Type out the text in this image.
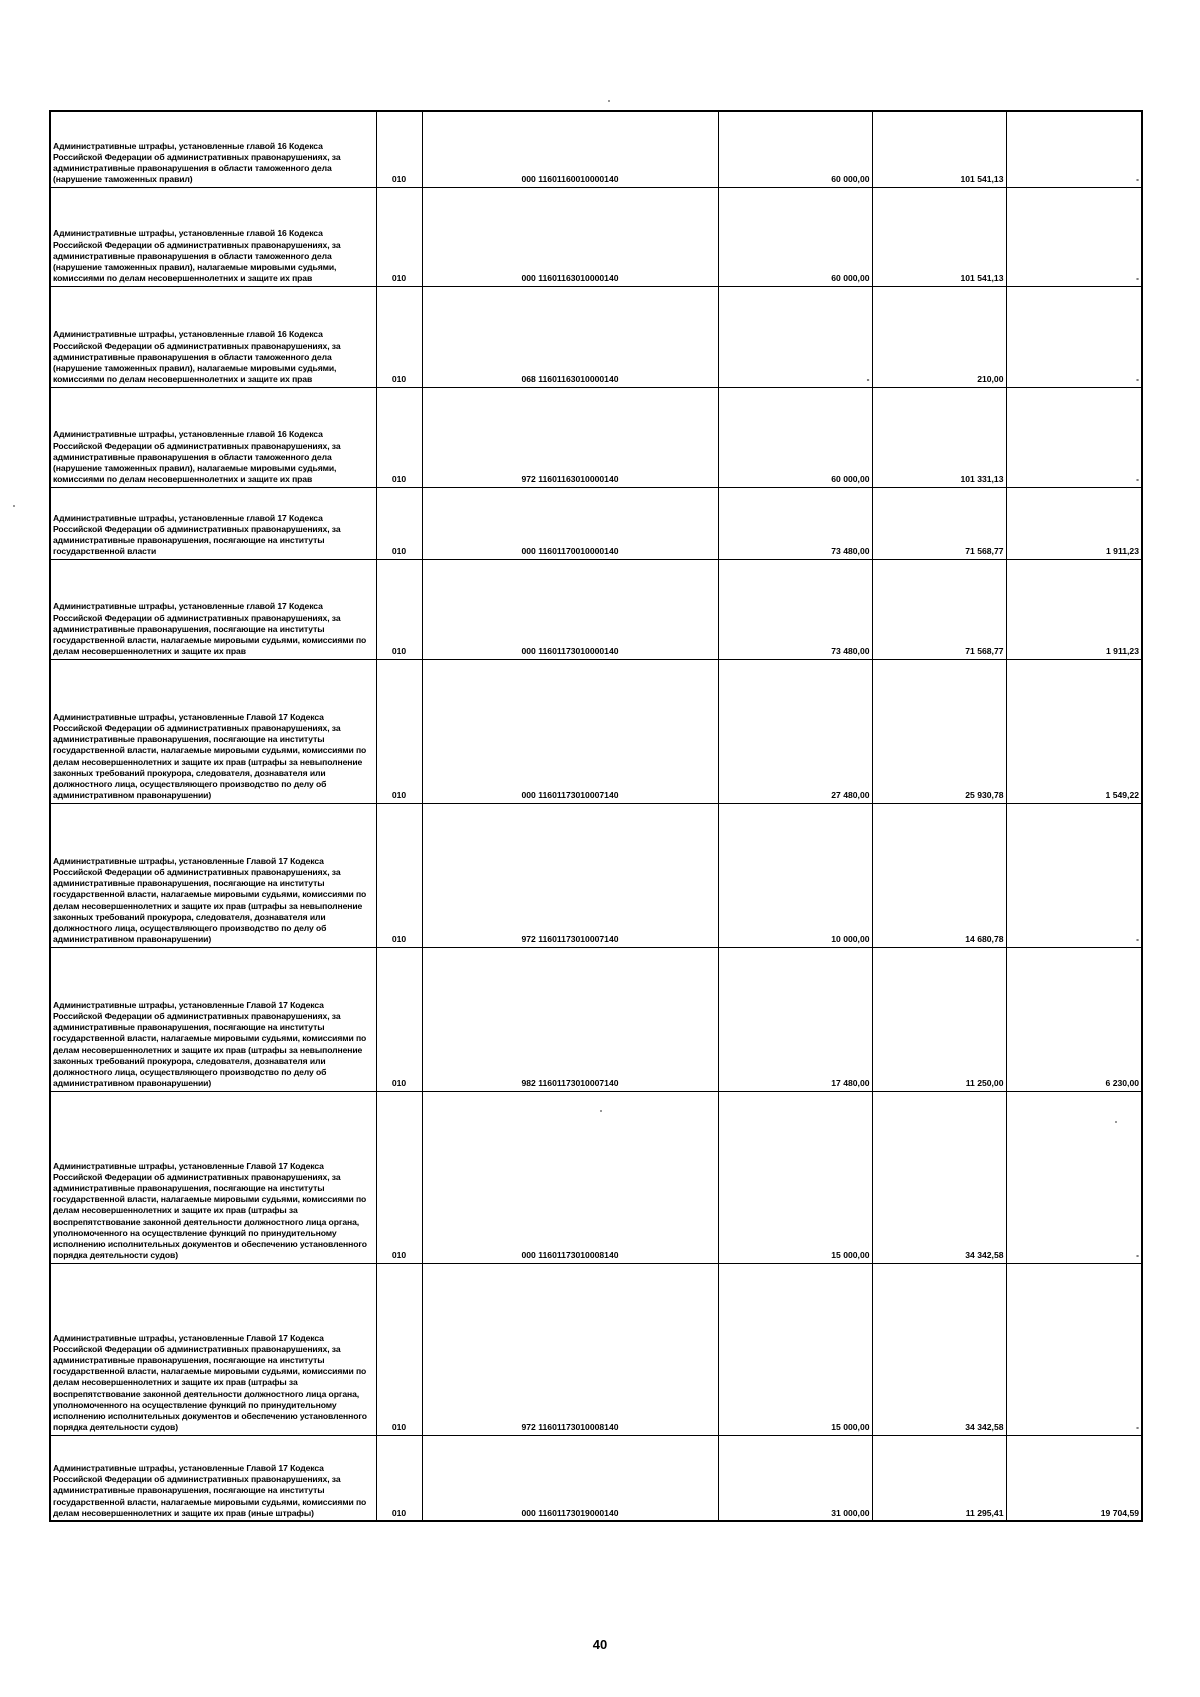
Административные штрафы, установленные главой 16 Кодекса Российской Федерации об административных правонарушениях, за административные правонарушения в области таможенного дела (нарушение таможенных правил)	010	000 11601160010000140	60 000,00	101 541,13	-
Административные штрафы, установленные главой 16 Кодекса Российской Федерации об административных правонарушениях, за административные правонарушения в области таможенного дела (нарушение таможенных правил), налагаемые мировыми судьями, комиссиями по делам несовершеннолетних и защите их прав	010	000 11601163010000140	60 000,00	101 541,13	-
Административные штрафы, установленные главой 16 Кодекса Российской Федерации об административных правонарушениях, за административные правонарушения в области таможенного дела (нарушение таможенных правил), налагаемые мировыми судьями, комиссиями по делам несовершеннолетних и защите их прав	010	068 11601163010000140	-	210,00	-
Административные штрафы, установленные главой 16 Кодекса Российской Федерации об административных правонарушениях, за административные правонарушения в области таможенного дела (нарушение таможенных правил), налагаемые мировыми судьями, комиссиями по делам несовершеннолетних и защите их прав	010	972 11601163010000140	60 000,00	101 331,13	-
Административные штрафы, установленные главой 17 Кодекса Российской Федерации об административных правонарушениях, за административные правонарушения, посягающие на институты государственной власти	010	000 11601170010000140	73 480,00	71 568,77	1 911,23
Административные штрафы, установленные главой 17 Кодекса Российской Федерации об административных правонарушениях, за административные правонарушения, посягающие на институты государственной власти, налагаемые мировыми судьями, комиссиями по делам несовершеннолетних и защите их прав	010	000 11601173010000140	73 480,00	71 568,77	1 911,23
Административные штрафы, установленные Главой 17 Кодекса Российской Федерации об административных правонарушениях, за административные правонарушения, посягающие на институты государственной власти, налагаемые мировыми судьями, комиссиями по делам несовершеннолетних и защите их прав (штрафы за невыполнение законных требований прокурора, следователя, дознавателя или должностного лица, осуществляющего производство по делу об административном правонарушении)	010	000 11601173010007140	27 480,00	25 930,78	1 549,22
Административные штрафы, установленные Главой 17 Кодекса Российской Федерации об административных правонарушениях, за административные правонарушения, посягающие на институты государственной власти, налагаемые мировыми судьями, комиссиями по делам несовершеннолетних и защите их прав (штрафы за невыполнение законных требований прокурора, следователя, дознавателя или должностного лица, осуществляющего производство по делу об административном правонарушении)	010	972 11601173010007140	10 000,00	14 680,78	-
Административные штрафы, установленные Главой 17 Кодекса Российской Федерации об административных правонарушениях, за административные правонарушения, посягающие на институты государственной власти, налагаемые мировыми судьями, комиссиями по делам несовершеннолетних и защите их прав (штрафы за невыполнение законных требований прокурора, следователя, дознавателя или должностного лица, осуществляющего производство по делу об административном правонарушении)	010	982 11601173010007140	17 480,00	11 250,00	6 230,00
Административные штрафы, установленные Главой 17 Кодекса Российской Федерации об административных правонарушениях, за административные правонарушения, посягающие на институты государственной власти, налагаемые мировыми судьями, комиссиями по делам несовершеннолетних и защите их прав (штрафы за воспрепятствование законной деятельности должностного лица органа, уполномоченного на осуществление функций по принудительному исполнению исполнительных документов и обеспечению установленного порядка деятельности судов)	010	000 11601173010008140	15 000,00	34 342,58	-
Административные штрафы, установленные Главой 17 Кодекса Российской Федерации об административных правонарушениях, за административные правонарушения, посягающие на институты государственной власти, налагаемые мировыми судьями, комиссиями по делам несовершеннолетних и защите их прав (штрафы за воспрепятствование законной деятельности должностного лица органа, уполномоченного на осуществление функций по принудительному исполнению исполнительных документов и обеспечению установленного порядка деятельности судов)	010	972 11601173010008140	15 000,00	34 342,58	-
Административные штрафы, установленные Главой 17 Кодекса Российской Федерации об административных правонарушениях, за административные правонарушения, посягающие на институты государственной власти, налагаемые мировыми судьями, комиссиями по делам несовершеннолетних и защите их прав (иные штрафы)	010	000 11601173019000140	31 000,00	11 295,41	19 704,59
40
